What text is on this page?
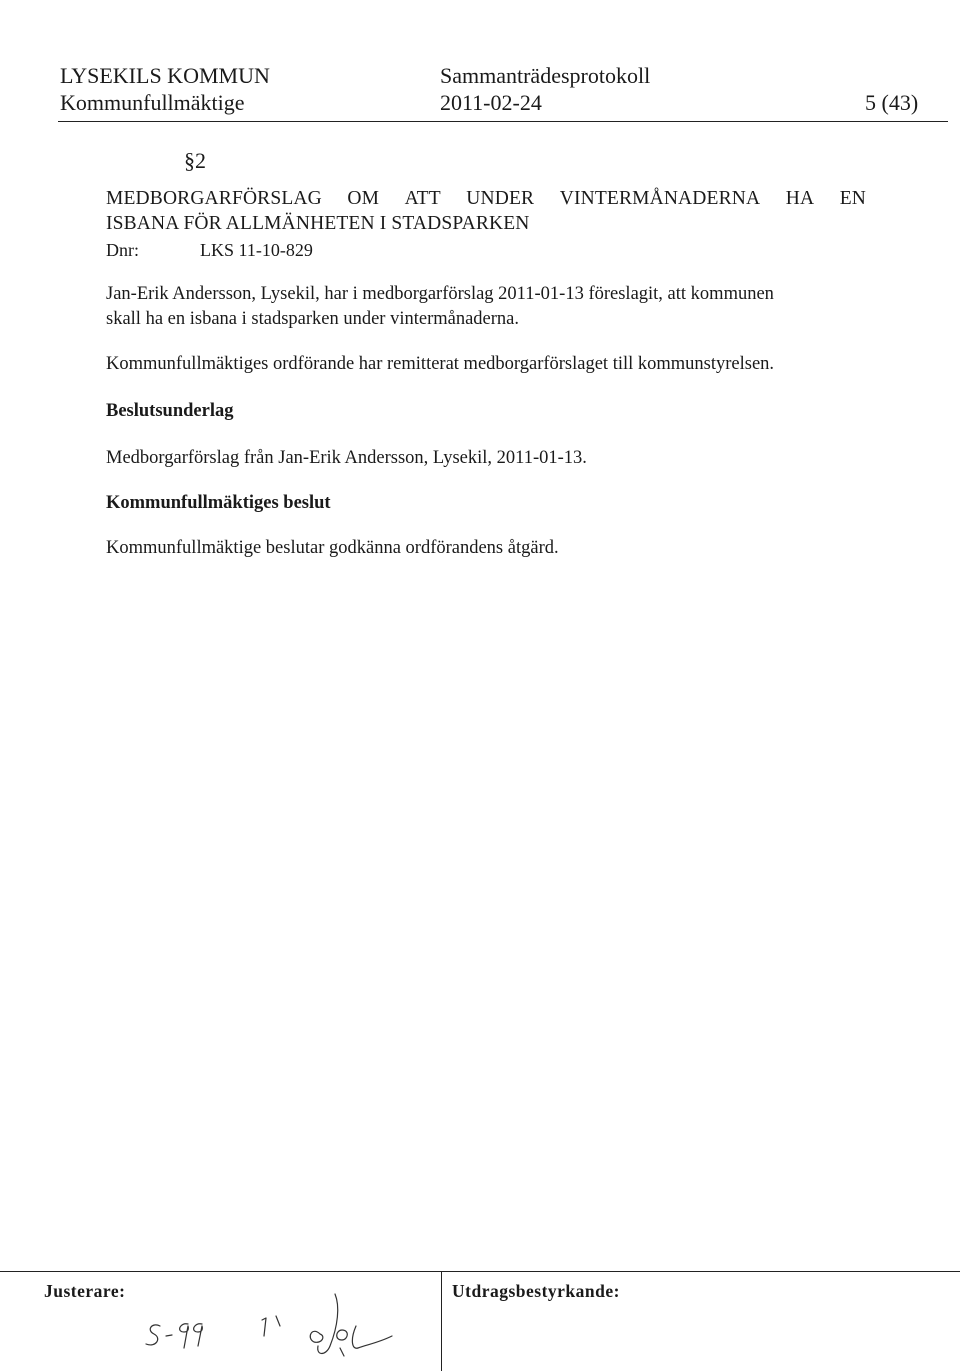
LYSEKILS KOMMUN	Sammanträdesprotokoll
Kommunfullmäktige	2011-02-24	5 (43)
§2
MEDBORGARFÖRSLAG OM ATT UNDER VINTERMÅNADERNA HA EN
ISBANA FÖR ALLMÄNHETEN I STADSPARKEN
Dnr:	LKS 11-10-829
Jan-Erik Andersson, Lysekil, har i medborgarförslag 2011-01-13 föreslagit, att kommunen
skall ha en isbana i stadsparken under vintermånaderna.
Kommunfullmäktiges ordförande har remitterat medborgarförslaget till kommunstyrelsen.
Beslutsunderlag
Medborgarförslag från Jan-Erik Andersson, Lysekil, 2011-01-13.
Kommunfullmäktiges beslut
Kommunfullmäktige beslutar godkänna ordförandens åtgärd.
Justerare:	Utdragsbestyrkande:
